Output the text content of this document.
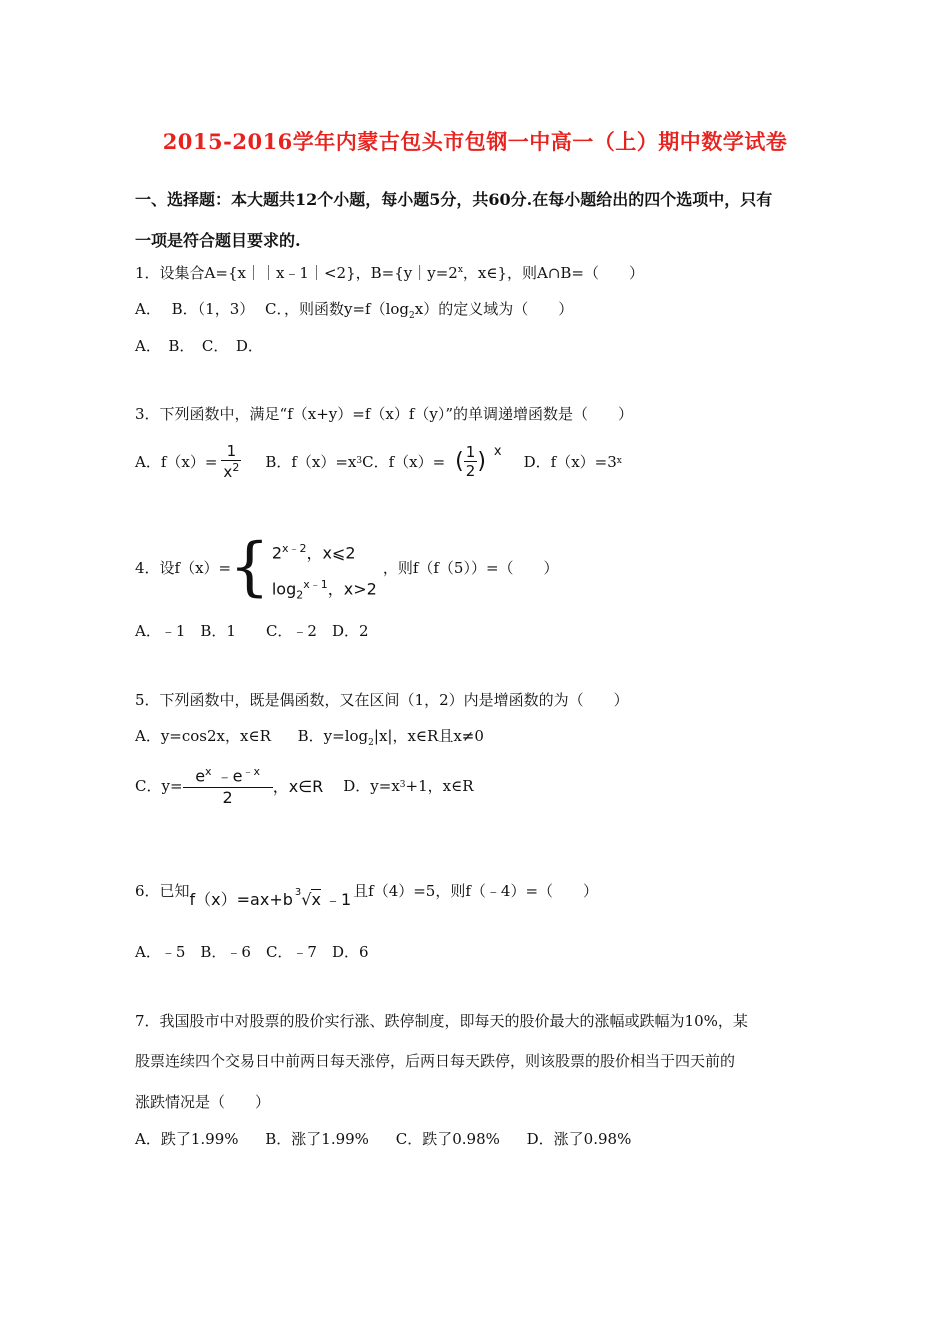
2015-2016学年内蒙古包头市包钢一中高一（上）期中数学试卷
一、选择题：本大题共12个小题，每小题5分，共60分.在每小题给出的四个选项中，只有
一项是符合题目要求的.
1．设集合A={x｜｜x﹣1｜<2}，$B=\{y|y=2^x$，x∈}，则A∩B=（　　）
A． B．（1，3） C．，则函数$y=f(\log_2x)$的定义域为（　　）
A．　B．　C．　D．
3．下列函数中，满足“f（x+y）=f（x）f（y）”的单调递增函数是（　　）
A．$f(x)= \frac{1}{x^2}$ B．f（x）=x 3 C．f（x）= ( $\frac{1}{2}$ ) x
D．f（x）=3 x
4．设f（x）=
{ $2^{x﹣2}$，x⩽2
$\log_2^{x﹣1}$，x>2
，则f（f（5））=（　　）
A．﹣1　B．1　　C．﹣2　D．2
5．下列函数中，既是偶函数，又在区间（1，2）内是增函数的为（　　）
A．y=cos2x，x∈R B．$y=\log_2|x|$，x∈R且x≠0
C．$y= \frac{e^x ﹣e^{﹣x}}{2}$ ，x∈R D．y=x 3 +1，x∈R
6．已知 f（x）=ax+b $^3$√x ﹣1 且f（4）=5，则f（﹣4）=（　　）
A．﹣5　B．﹣6　C．﹣7　D．6
7．我国股市中对股票的股价实行涨、跌停制度，即每天的股价最大的涨幅或跌幅为10%，某
股票连续四个交易日中前两日每天涨停，后两日每天跌停，则该股票的股价相当于四天前的
涨跌情况是（　　）
A．跌了1.99% B．涨了1.99% C．跌了0.98% D．涨了0.98%
